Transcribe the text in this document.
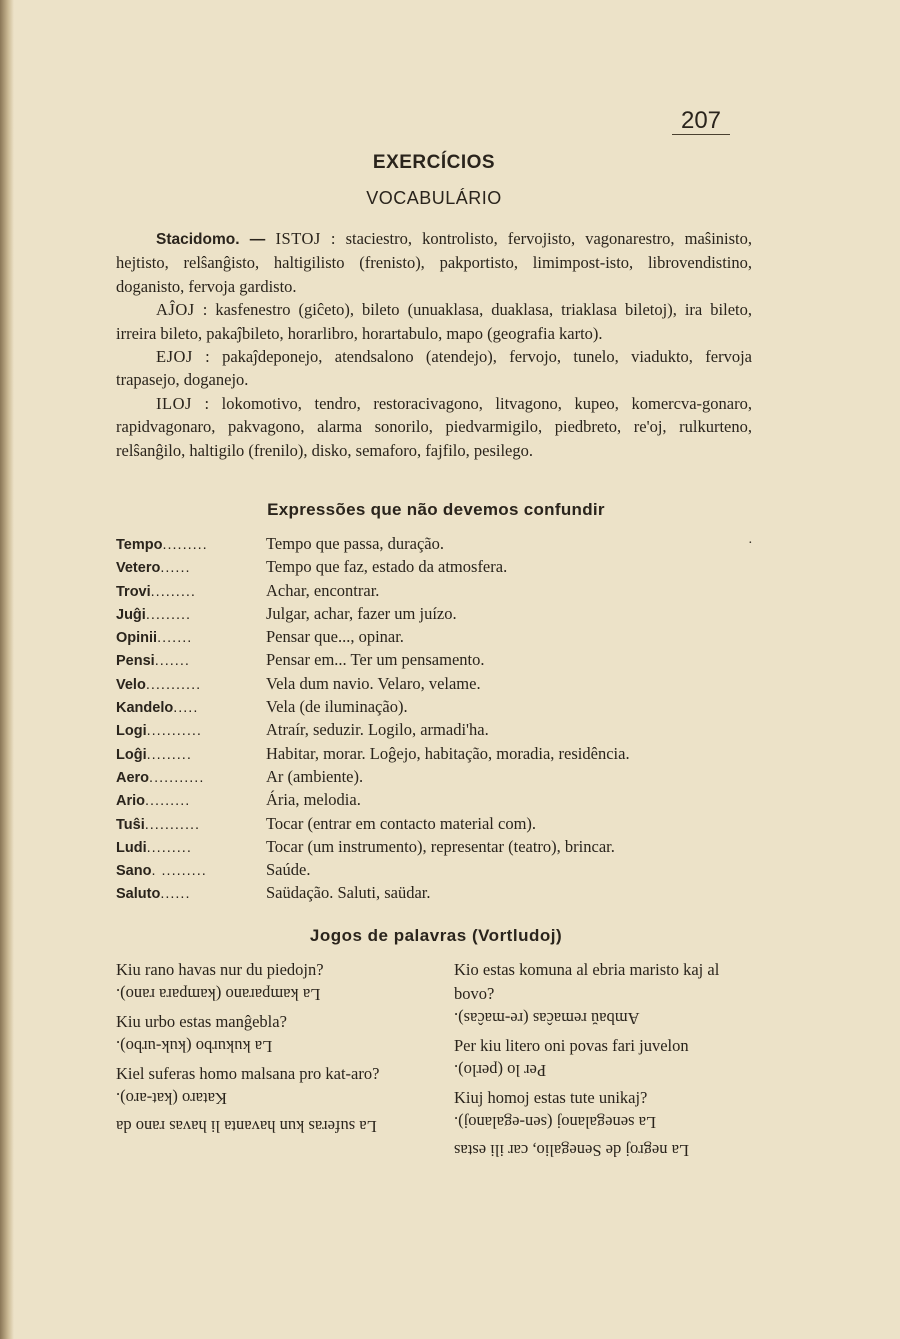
207
EXERCÍCIOS
VOCABULÁRIO

Stacidomo. — ISTOJ : staciestro, kontrolisto, fervojisto, vagonarestro, maŝinisto, hejtisto, relŝanĝisto, haltigilisto (frenisto), pakportisto, limimpost-isto, librovendistino, doganisto, fervoja gardisto.

AĴOJ : kasfenestro (giĉeto), bileto (unuaklasa, duaklasa, triaklasa biletoj), ira bileto, irreira bileto, pakaĵbileto, horarlibro, horartabulo, mapo (geografia karto).

EJOJ : pakaĵdeponejo, atendsalono (atendejo), fervojo, tunelo, viadukto, fervoja trapasejo, doganejo.

ILOJ : lokomotivo, tendro, restoracivagono, litvagono, kupeo, komercva-gonaro, rapidvagonaro, pakvagono, alarma sonorilo, piedvarmigilo, piedbreto, re'oj, rulkurteno, relŝanĝilo, haltigilo (frenilo), disko, semaforo, fajfilo, pesilego.

Expressões que não devemos confundir
·
Tempo.........	Tempo que passa, duração.
Vetero......	Tempo que faz, estado da atmosfera.
Trovi.........	Achar, encontrar.
Juĝi.........	Julgar, achar, fazer um juízo.
Opinii.......	Pensar que..., opinar.
Pensi.......	Pensar em... Ter um pensamento.
Velo...........	Vela dum navio. Velaro, velame.
Kandelo.....	Vela (de iluminação).
Logi...........	Atraír, seduzir. Logilo, armadi'ha.
Loĝi.........	Habitar, morar. Loĝejo, habitação, moradia, residência.
Aero...........	Ar (ambiente).
Ario.........	Ária, melodia.
Tuŝi...........	Tocar (entrar em contacto material com).
Ludi.........	Tocar (um instrumento), representar (teatro), brincar.
Sano. .........	Saúde.
Saluto......	Saüdação. Saluti, saüdar.
Jogos de palavras (Vortludoj)
Kiu rano havas nur du piedojn?
La kamparano (kampara rano).
Kiu urbo estas manĝebla?
La kukurbo (kuk-urbo).
Kiel suferas homo malsana pro kat-aro?
Kataro (kat-aro).
La suferas kun havanta li havas rano da
Kio estas komuna al ebria maristo kaj al bovo?
Ambaŭ remaĉas (re-maĉas).
Per kiu litero oni povas fari juvelon
Per lo (perlo).
Kiuj homoj estas tute unikaj?
La senegalanoj (sen-egalanoj).
La negroj de Senegalio, car ili estas
